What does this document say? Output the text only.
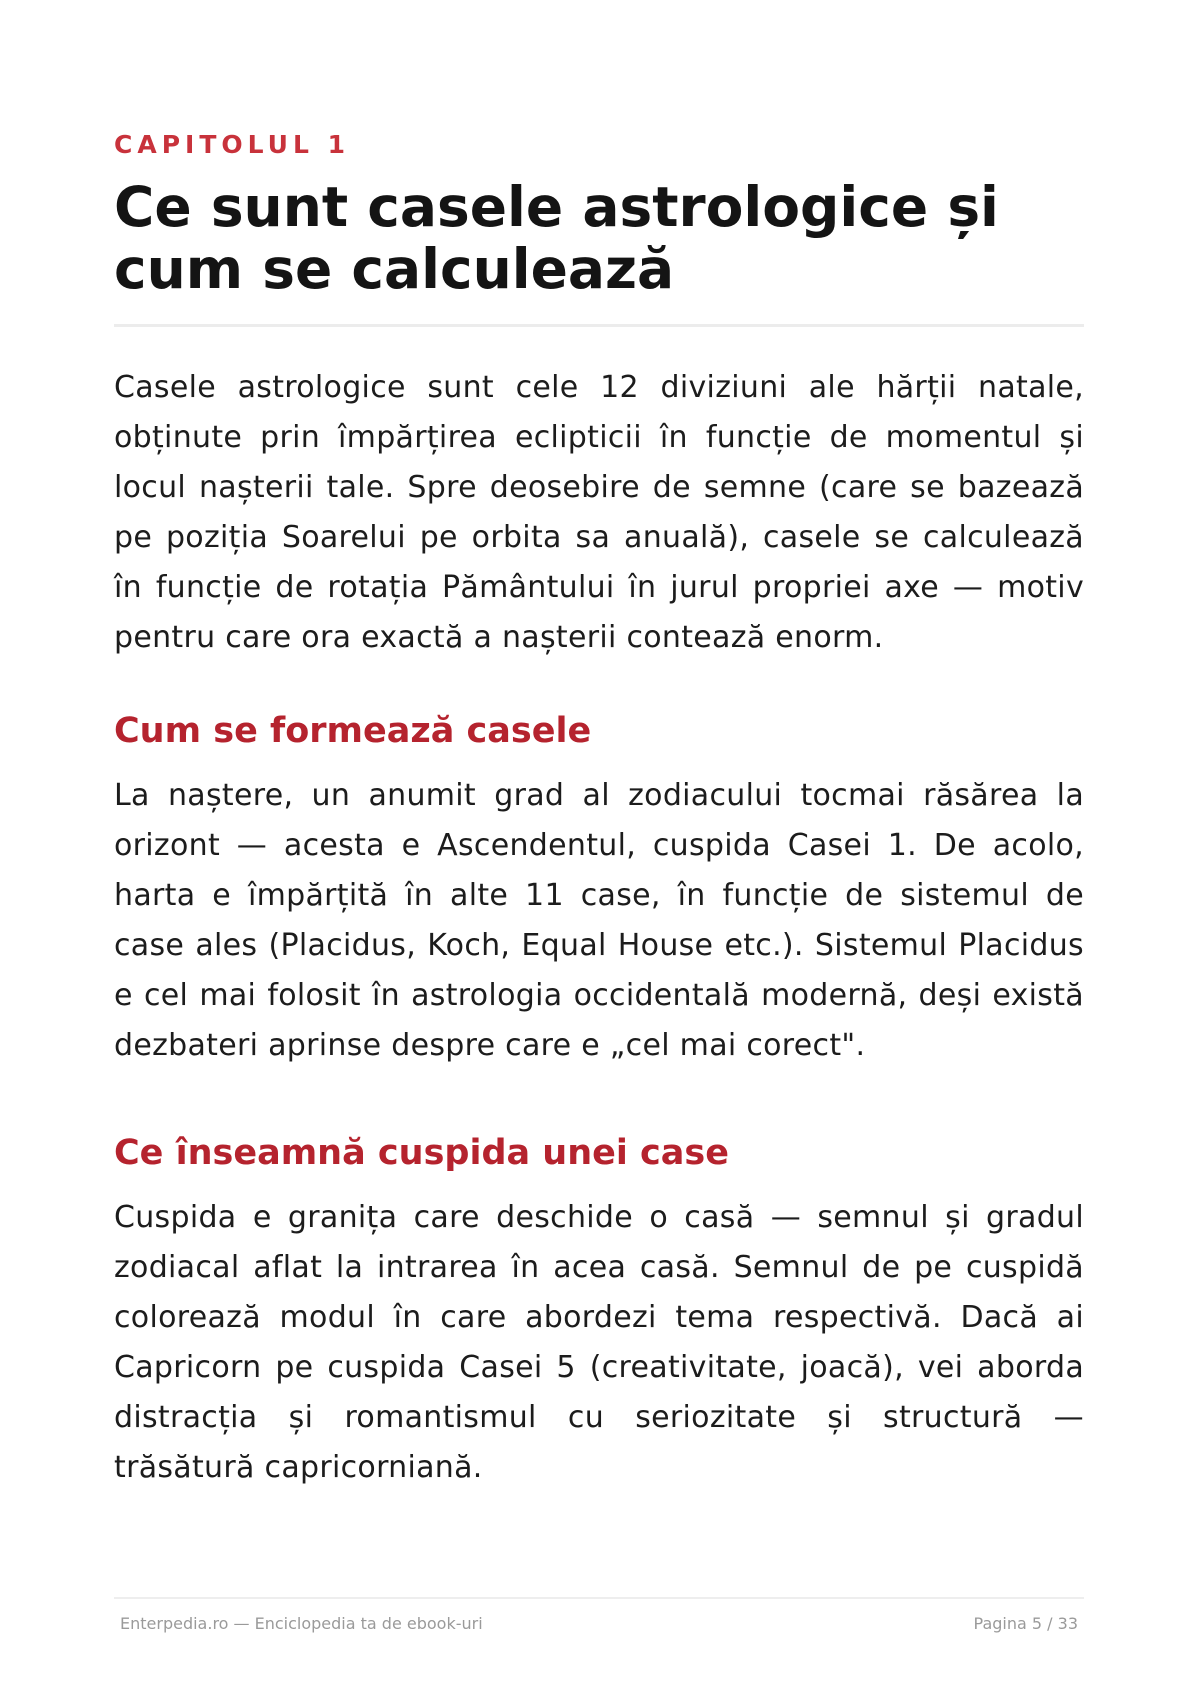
CAPITOLUL 1
Ce sunt casele astrologice și cum se calculează

Casele astrologice sunt cele 12 diviziuni ale hărții natale, obținute prin împărțirea eclipticii în funcție de momentul și locul nașterii tale. Spre deosebire de semne (care se bazează pe poziția Soarelui pe orbita sa anuală), casele se calculează în funcție de rotația Pământului în jurul propriei axe — motiv pentru care ora exactă a nașterii contează enorm.

Cum se formează casele

La naștere, un anumit grad al zodiacului tocmai răsărea la orizont — acesta e Ascendentul, cuspida Casei 1. De acolo, harta e împărțită în alte 11 case, în funcție de sistemul de case ales (Placidus, Koch, Equal House etc.). Sistemul Placidus e cel mai folosit în astrologia occidentală modernă, deși există dezbateri aprinse despre care e „cel mai corect".

Ce înseamnă cuspida unei case

Cuspida e granița care deschide o casă — semnul și gradul zodiacal aflat la intrarea în acea casă. Semnul de pe cuspidă colorează modul în care abordezi tema respectivă. Dacă ai Capricorn pe cuspida Casei 5 (creativitate, joacă), vei aborda distracția și romantismul cu seriozitate și structură — trăsătură capricorniană.

Enterpedia.ro — Enciclopedia ta de ebook-uri	Pagina 5 / 33
